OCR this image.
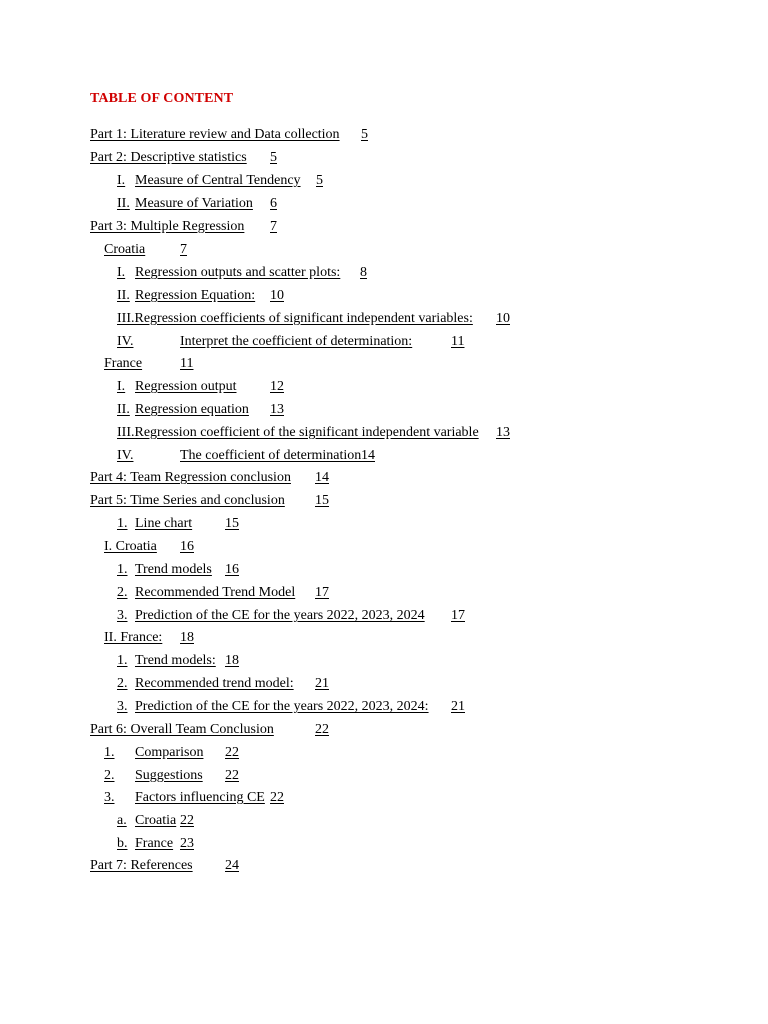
TABLE OF CONTENT
Part 1: Literature review and Data collection 5
Part 2: Descriptive statistics 5
I. Measure of Central Tendency 5
II. Measure of Variation 6
Part 3: Multiple Regression 7
Croatia 7
I. Regression outputs and scatter plots: 8
II. Regression Equation: 10
III.Regression coefficients of significant independent variables: 10
IV.	Interpret the coefficient of determination:	11
France	11
I. Regression output 12
II. Regression equation 13
III.Regression coefficient of the significant independent variable 13
IV.	The coefficient of determination 14
Part 4: Team Regression conclusion 14
Part 5: Time Series and conclusion 15
1. Line chart 15
I. Croatia 16
1. Trend models 16
2. Recommended Trend Model 17
3. Prediction of the CE for the years 2022, 2023, 2024 17
II. France: 18
1. Trend models: 18
2. Recommended trend model: 21
3. Prediction of the CE for the years 2022, 2023, 2024: 21
Part 6: Overall Team Conclusion	22
1. Comparison 22
2. Suggestions 22
3. Factors influencing CE 22
a. Croatia 22
b. France 23
Part 7: References 24
